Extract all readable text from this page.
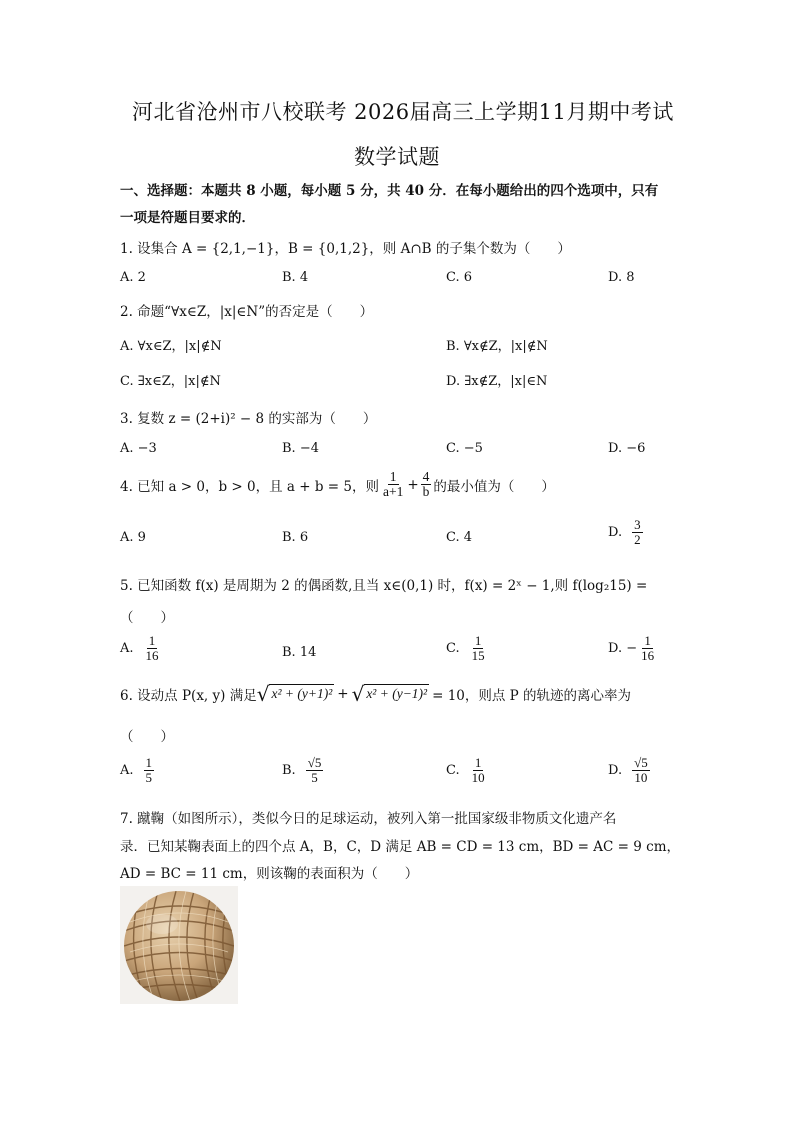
河北省沧州市八校联考 2026届高三上学期11月期中考试
数学试题
一、选择题：本题共 8 小题，每小题 5 分，共 40 分．在每小题给出的四个选项中，只有
一项是符题目要求的．
1. 设集合 A = {2,1,−1}，B = {0,1,2}，则 A∩B 的子集个数为（　　）
A. 2	B. 4	C. 6	D. 8
2. 命题“∀x∈Z，|x|∈N”的否定是（　　）
A. ∀x∈Z，|x|∉N	B. ∀x∉Z，|x|∉N
C. ∃x∈Z，|x|∉N	D. ∃x∉Z，|x|∈N
3. 复数 z = (2+i)² − 8 的实部为（　　）
A. −3	B. −4	C. −5	D. −6
4. 已知 a > 0，b > 0，且 a + b = 5，则 $\frac{1}{a+1} + \frac{4}{b}$ 的最小值为（　　）
A. 9	B. 6	C. 4	D. $\frac{3}{2}$
5. 已知函数 f(x) 是周期为 2 的偶函数,且当 x∈(0,1) 时，f(x) = 2ˣ − 1,则 f(log₂15) =
（　　）
A. $\frac{1}{16}$	B. 14	C. $\frac{1}{15}$	D. − $\frac{1}{16}$
6. 设动点 P(x, y) 满足 √ x² + (y+1)² + √ x² + (y−1)² = 10，则点 P 的轨迹的离心率为
（　　）
A. $\frac{1}{5}$	B. $\frac{√5}{5}$	C. $\frac{1}{10}$	D. $\frac{√5}{10}$
7. 蹴鞠（如图所示），类似今日的足球运动，被列入第一批国家级非物质文化遗产名
录．已知某鞠表面上的四个点 A，B，C，D 满足 AB = CD = 13 cm，BD = AC = 9 cm，
AD = BC = 11 cm，则该鞠的表面积为（　　）
